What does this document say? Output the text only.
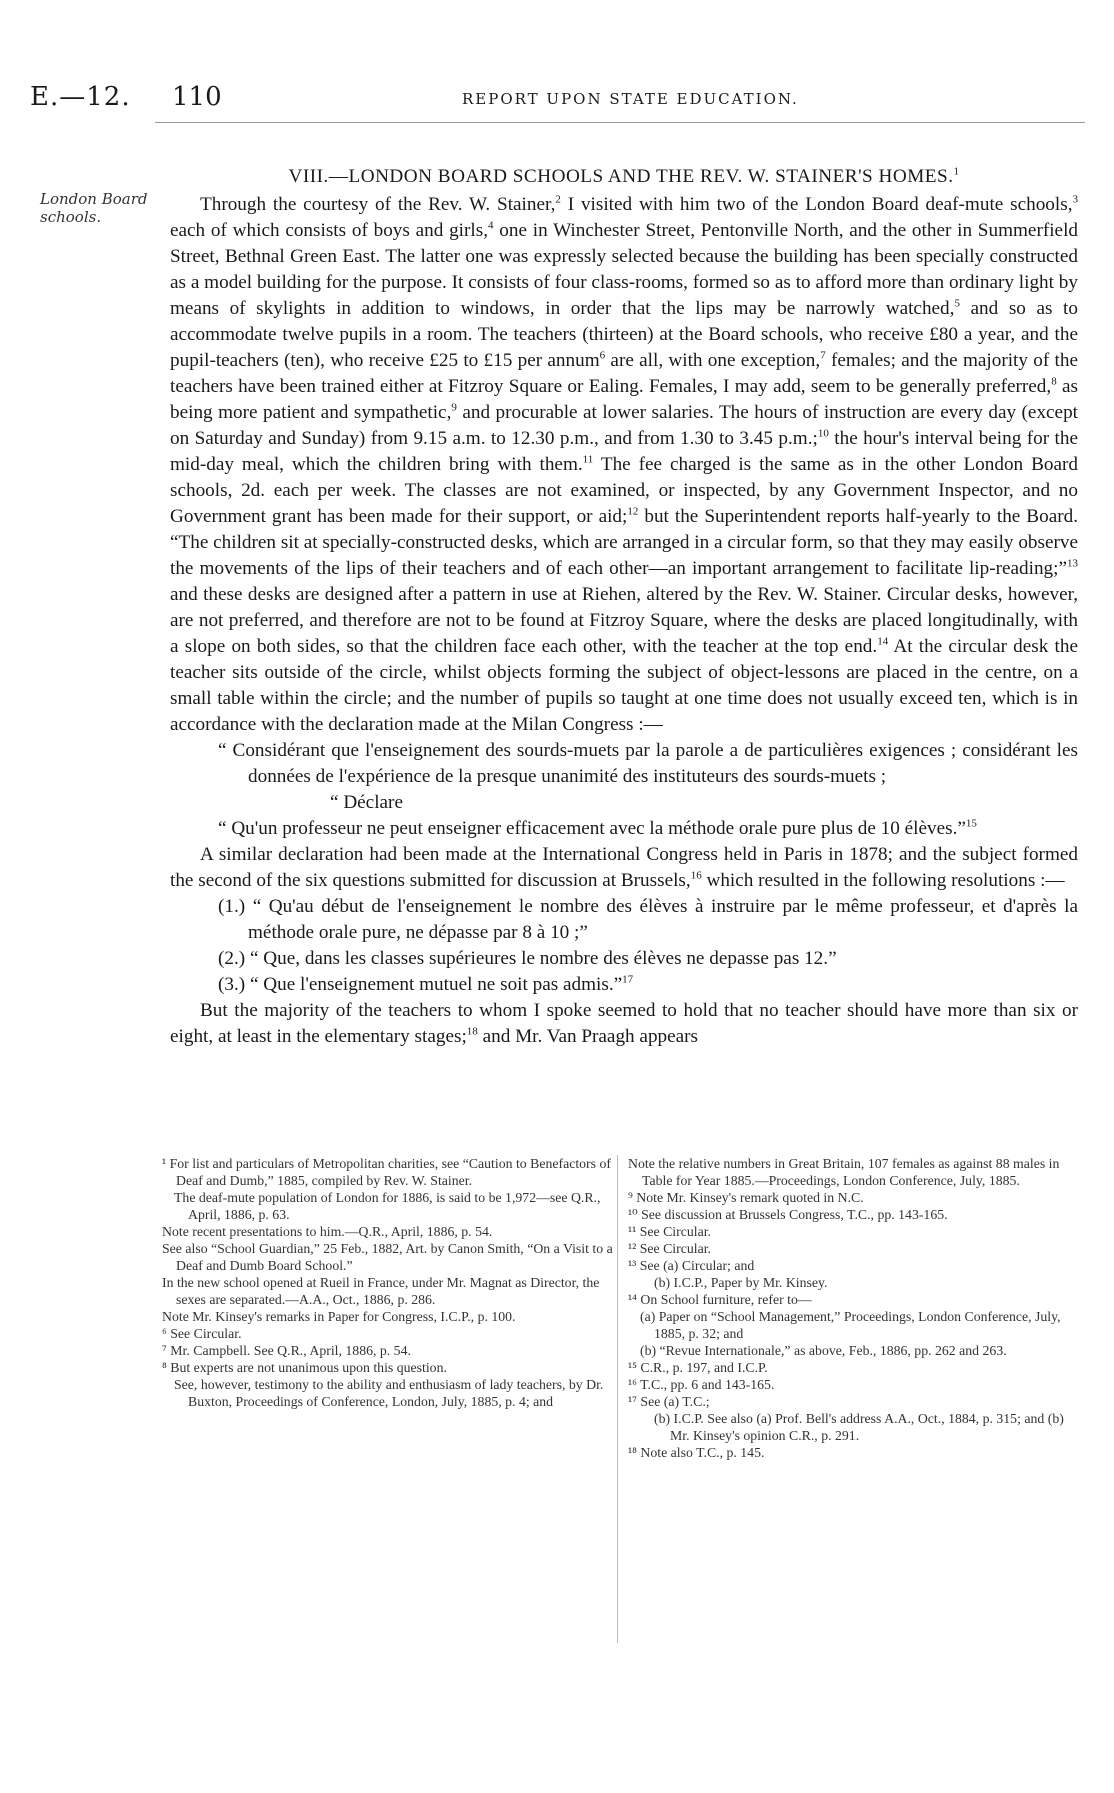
E.—12. 110	REPORT UPON STATE EDUCATION.
London Board schools.
VIII.—LONDON BOARD SCHOOLS AND THE REV. W. STAINER'S HOMES.$^1$

Through the courtesy of the Rev. W. Stainer,$^2$ I visited with him two of the London Board deaf-mute schools,$^3$ each of which consists of boys and girls,$^4$ one in Winchester Street, Pentonville North, and the other in Summerfield Street, Bethnal Green East. The latter one was expressly selected because the building has been specially constructed as a model building for the purpose. It consists of four class-rooms, formed so as to afford more than ordinary light by means of skylights in addition to windows, in order that the lips may be narrowly watched,$^5$ and so as to accommodate twelve pupils in a room. The teachers (thirteen) at the Board schools, who receive £80 a year, and the pupil-teachers (ten), who receive £25 to £15 per annum$^6$ are all, with one exception,$^7$ females; and the majority of the teachers have been trained either at Fitzroy Square or Ealing. Females, I may add, seem to be generally preferred,$^8$ as being more patient and sympathetic,$^9$ and procurable at lower salaries. The hours of instruction are every day (except on Saturday and Sunday) from 9.15 a.m. to 12.30 p.m., and from 1.30 to 3.45 p.m.;$^{10}$ the hour's interval being for the mid-day meal, which the children bring with them.$^{11}$ The fee charged is the same as in the other London Board schools, 2d. each per week. The classes are not examined, or inspected, by any Government Inspector, and no Government grant has been made for their support, or aid;$^{12}$ but the Superintendent reports half-yearly to the Board. “The children sit at specially-constructed desks, which are arranged in a circular form, so that they may easily observe the movements of the lips of their teachers and of each other—an important arrangement to facilitate lip-reading;”$^{13}$ and these desks are designed after a pattern in use at Riehen, altered by the Rev. W. Stainer. Circular desks, however, are not preferred, and therefore are not to be found at Fitzroy Square, where the desks are placed longitudinally, with a slope on both sides, so that the children face each other, with the teacher at the top end.$^{14}$ At the circular desk the teacher sits outside of the circle, whilst objects forming the subject of object-lessons are placed in the centre, on a small table within the circle; and the number of pupils so taught at one time does not usually exceed ten, which is in accordance with the declaration made at the Milan Congress :—

“ Considérant que l'enseignement des sourds-muets par la parole a de particulières exigences ; considérant les données de l'expérience de la presque unanimité des instituteurs des sourds-muets ;
“ Déclare
“ Qu'un professeur ne peut enseigner efficacement avec la méthode orale pure plus de 10 élèves.”$^{15}$

A similar declaration had been made at the International Congress held in Paris in 1878; and the subject formed the second of the six questions submitted for discussion at Brussels,$^{16}$ which resulted in the following resolutions :—

(1.) “ Qu'au début de l'enseignement le nombre des élèves à instruire par le même professeur, et d'après la méthode orale pure, ne dépasse par 8 à 10 ;”
(2.) “ Que, dans les classes supérieures le nombre des élèves ne depasse pas 12.”
(3.) “ Que l'enseignement mutuel ne soit pas admis.”$^{17}$

But the majority of the teachers to whom I spoke seemed to hold that no teacher should have more than six or eight, at least in the elementary stages;$^{18}$ and Mr. Van Praagh appears

¹ For list and particulars of Metropolitan charities, see “Caution to Benefactors of Deaf and Dumb,” 1885, compiled by Rev. W. Stainer.
The deaf-mute population of London for 1886, is said to be 1,972—see Q.R., April, 1886, p. 63.
Note recent presentations to him.—Q.R., April, 1886, p. 54.
See also “School Guardian,” 25 Feb., 1882, Art. by Canon Smith, “On a Visit to a Deaf and Dumb Board School.”
In the new school opened at Rueil in France, under Mr. Magnat as Director, the sexes are separated.—A.A., Oct., 1886, p. 286.
Note Mr. Kinsey's remarks in Paper for Congress, I.C.P., p. 100.
⁶ See Circular.
⁷ Mr. Campbell. See Q.R., April, 1886, p. 54.
⁸ But experts are not unanimous upon this question.
See, however, testimony to the ability and enthusiasm of lady teachers, by Dr. Buxton, Proceedings of Conference, London, July, 1885, p. 4; and
Note the relative numbers in Great Britain, 107 females as against 88 males in Table for Year 1885.—Proceedings, London Conference, July, 1885.
⁹ Note Mr. Kinsey's remark quoted in N.C.
¹⁰ See discussion at Brussels Congress, T.C., pp. 143-165.
¹¹ See Circular.
¹² See Circular.
¹³ See (a) Circular; and
(b) I.C.P., Paper by Mr. Kinsey.
¹⁴ On School furniture, refer to—
(a) Paper on “School Management,” Proceedings, London Conference, July, 1885, p. 32; and
(b) “Revue Internationale,” as above, Feb., 1886, pp. 262 and 263.
¹⁵ C.R., p. 197, and I.C.P.
¹⁶ T.C., pp. 6 and 143-165.
¹⁷ See (a) T.C.;
(b) I.C.P. See also (a) Prof. Bell's address A.A., Oct., 1884, p. 315; and (b) Mr. Kinsey's opinion C.R., p. 291.
¹⁸ Note also T.C., p. 145.
